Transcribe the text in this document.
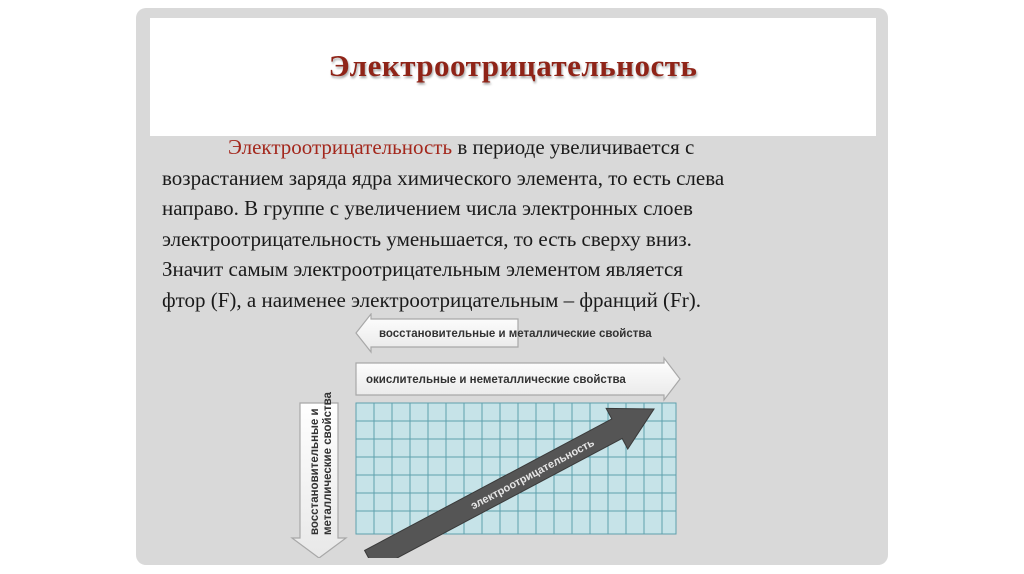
Электроотрицательность
Электроотрицательность в периоде увеличивается с
возрастанием заряда ядра химического элемента, то есть слева
направо. В группе с увеличением числа электронных слоев
электроотрицательность уменьшается, то есть сверху вниз.
Значит самым электроотрицательным элементом является
фтор (F), а наименее электроотрицательным – франций (Fr).
восстановительные и металлические свойства
окислительные и неметаллические свойства
восстановительные и металлические свойства	электроотрицательность
